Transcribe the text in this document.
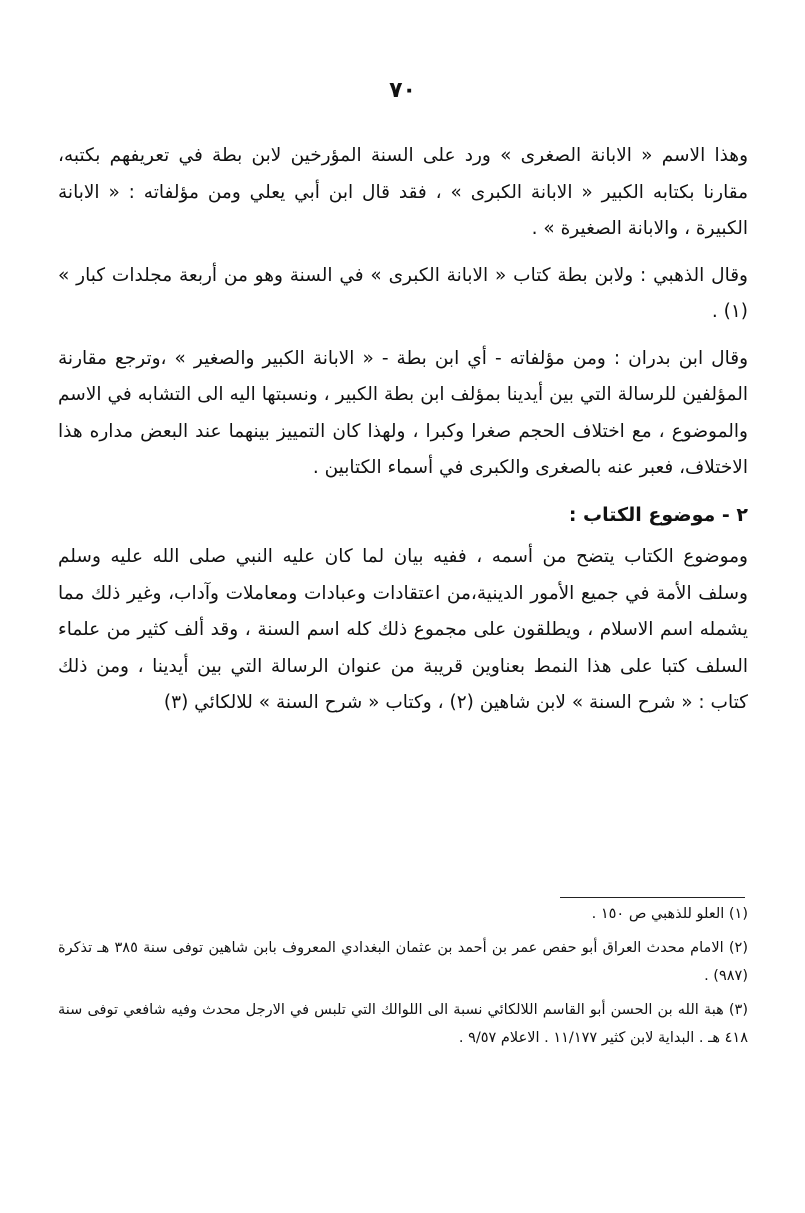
٧٠

وهذا الاسم « الابانة الصغرى » ورد على السنة المؤرخين لابن بطة في تعريفهم بكتبه، مقارنا بكتابه الكبير « الابانة الكبرى » ، فقد قال ابن أبي يعلي ومن مؤلفاته : « الابانة الكبيرة ، والابانة الصغيرة » .

وقال الذهبي : ولابن بطة كتاب « الابانة الكبرى » في السنة وهو من أربعة مجلدات كبار » (١) .

وقال ابن بدران : ومن مؤلفاته - أي ابن بطة - « الابانة الكبير والصغير » ،وترجع مقارنة المؤلفين للرسالة التي بين أيدينا بمؤلف ابن بطة الكبير ، ونسبتها اليه الى التشابه في الاسم والموضوع ، مع اختلاف الحجم صغرا وكبرا ، ولهذا كان التمييز بينهما عند البعض مداره هذا الاختلاف، فعبر عنه بالصغرى والكبرى في أسماء الكتابين .

٢ - موضوع الكتاب :

وموضوع الكتاب يتضح من أسمه ، ففيه بيان لما كان عليه النبي صلى الله عليه وسلم وسلف الأمة في جميع الأمور الدينية،من اعتقادات وعبادات ومعاملات وآداب، وغير ذلك مما يشمله اسم الاسلام ، ويطلقون على مجموع ذلك كله اسم السنة ، وقد ألف كثير من علماء السلف كتبا على هذا النمط بعناوين قريبة من عنوان الرسالة التي بين أيدينا ، ومن ذلك كتاب : « شرح السنة » لابن شاهين (٢) ، وكتاب « شرح السنة » للالكائي (٣)

(١) العلو للذهبي ص ١٥٠ .

(٢) الامام محدث العراق أبو حفص عمر بن أحمد بن عثمان البغدادي المعروف بابن شاهين توفى سنة ٣٨٥ هـ تذكرة (٩٨٧) .

(٣) هبة الله بن الحسن أبو القاسم اللالكائي نسبة الى اللوالك التي تلبس في الارجل محدث وفيه شافعي توفى سنة ٤١٨ هـ . البداية لابن كثير ١١/١٧٧ . الاعلام ٩/٥٧ .
